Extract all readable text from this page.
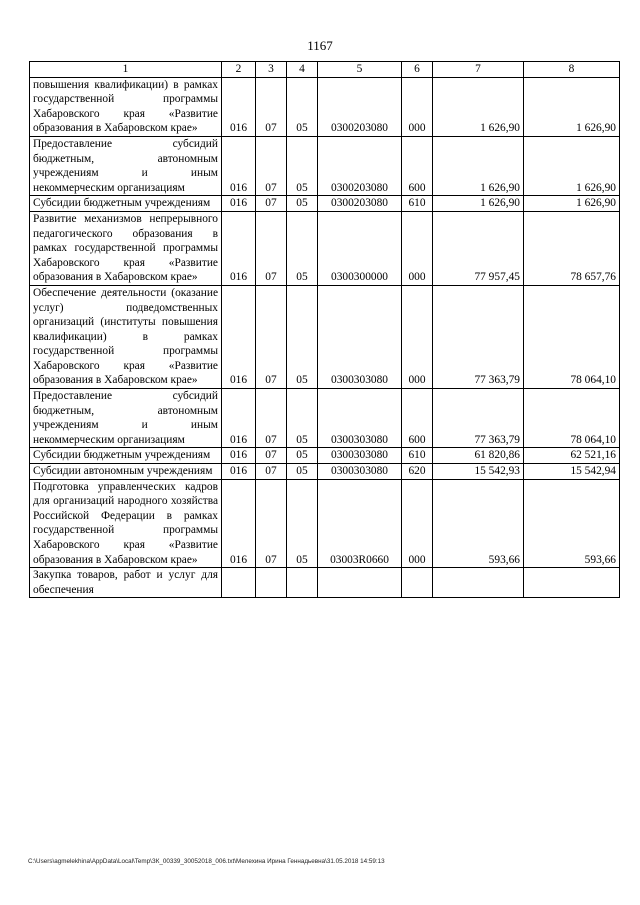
1167
1	2	3	4	5	6	7	8

повышения квалификации) в рамках государственной программы Хабаровского края «Развитие образования в Хабаровском крае»	016	07	05	0300203080	000	1 626,90	1 626,90

Предоставление субсидий бюджетным, автономным учреждениям и иным некоммерческим организациям	016	07	05	0300203080	600	1 626,90	1 626,90

Субсидии бюджетным учреждениям	016	07	05	0300203080	610	1 626,90	1 626,90

Развитие механизмов непрерывного педагогического образования в рамках государственной программы Хабаровского края «Развитие образования в Хабаровском крае»	016	07	05	0300300000	000	77 957,45	78 657,76

Обеспечение деятельности (оказание услуг) подведомственных организаций (институты повышения квалификации) в рамках государственной программы Хабаровского края «Развитие образования в Хабаровском крае»	016	07	05	0300303080	000	77 363,79	78 064,10

Предоставление субсидий бюджетным, автономным учреждениям и иным некоммерческим организациям	016	07	05	0300303080	600	77 363,79	78 064,10

Субсидии бюджетным учреждениям	016	07	05	0300303080	610	61 820,86	62 521,16

Субсидии автономным учреждениям	016	07	05	0300303080	620	15 542,93	15 542,94

Подготовка управленческих кадров для организаций народного хозяйства Российской Федерации в рамках государственной программы Хабаровского края «Развитие образования в Хабаровском крае»	016	07	05	03003R0660	000	593,66	593,66

Закупка товаров, работ и услуг для обеспечения							

C:\Users\agmelekhina\AppData\Local\Temp\ЗК_00339_30052018_006.txt\Мелехина Ирина Геннадьевна\31.05.2018 14:59:13
